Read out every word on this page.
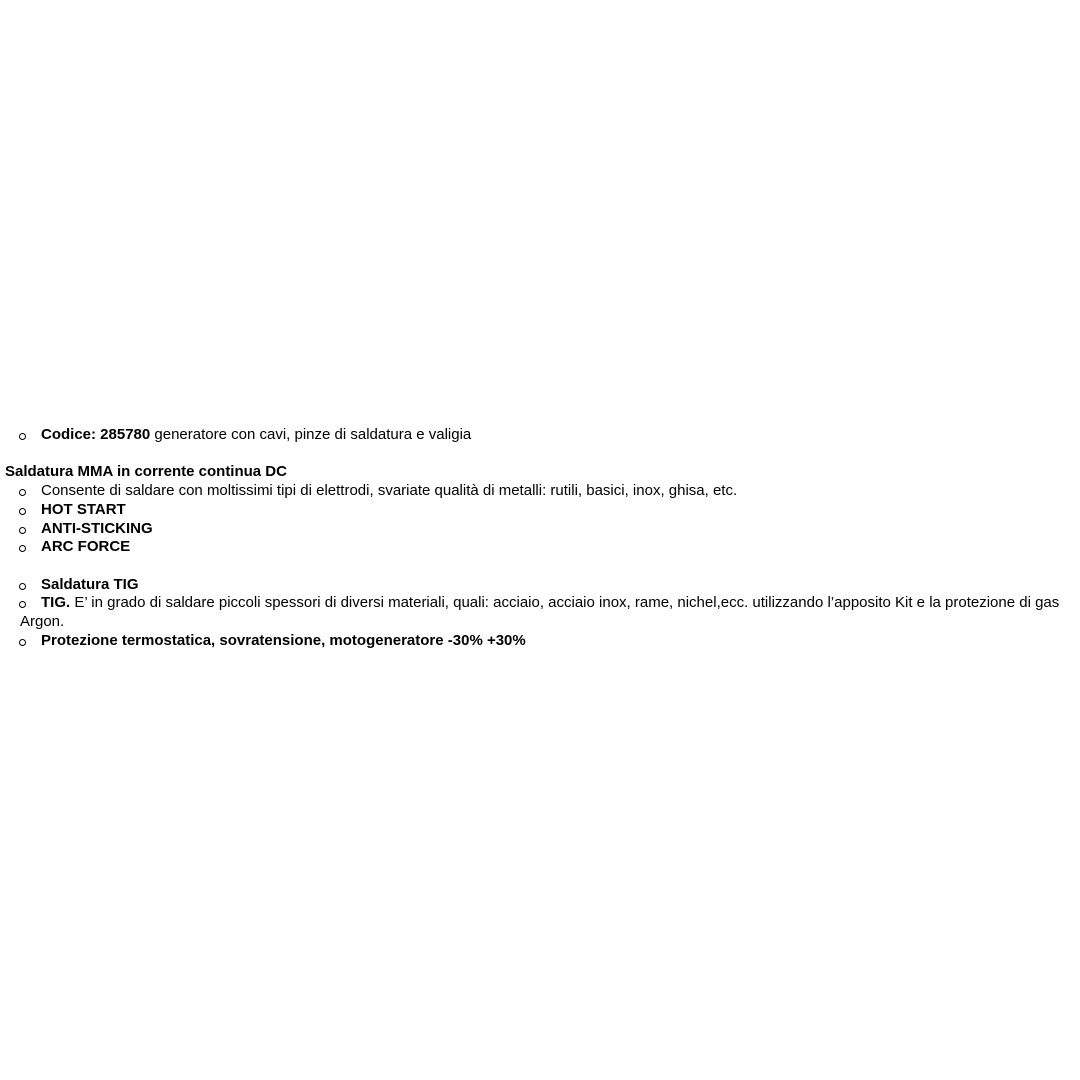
Codice: 285780 generatore con cavi, pinze di saldatura e valigia
Saldatura MMA in corrente continua DC
Consente di saldare con moltissimi tipi di elettrodi, svariate qualità di metalli: rutili, basici, inox, ghisa, etc.
HOT START
ANTI-STICKING
ARC FORCE
Saldatura TIG
TIG. E’ in grado di saldare piccoli spessori di diversi materiali, quali: acciaio, acciaio inox, rame, nichel,ecc. utilizzando l’apposito Kit e la protezione di gas Argon.
Protezione termostatica, sovratensione, motogeneratore -30% +30%
